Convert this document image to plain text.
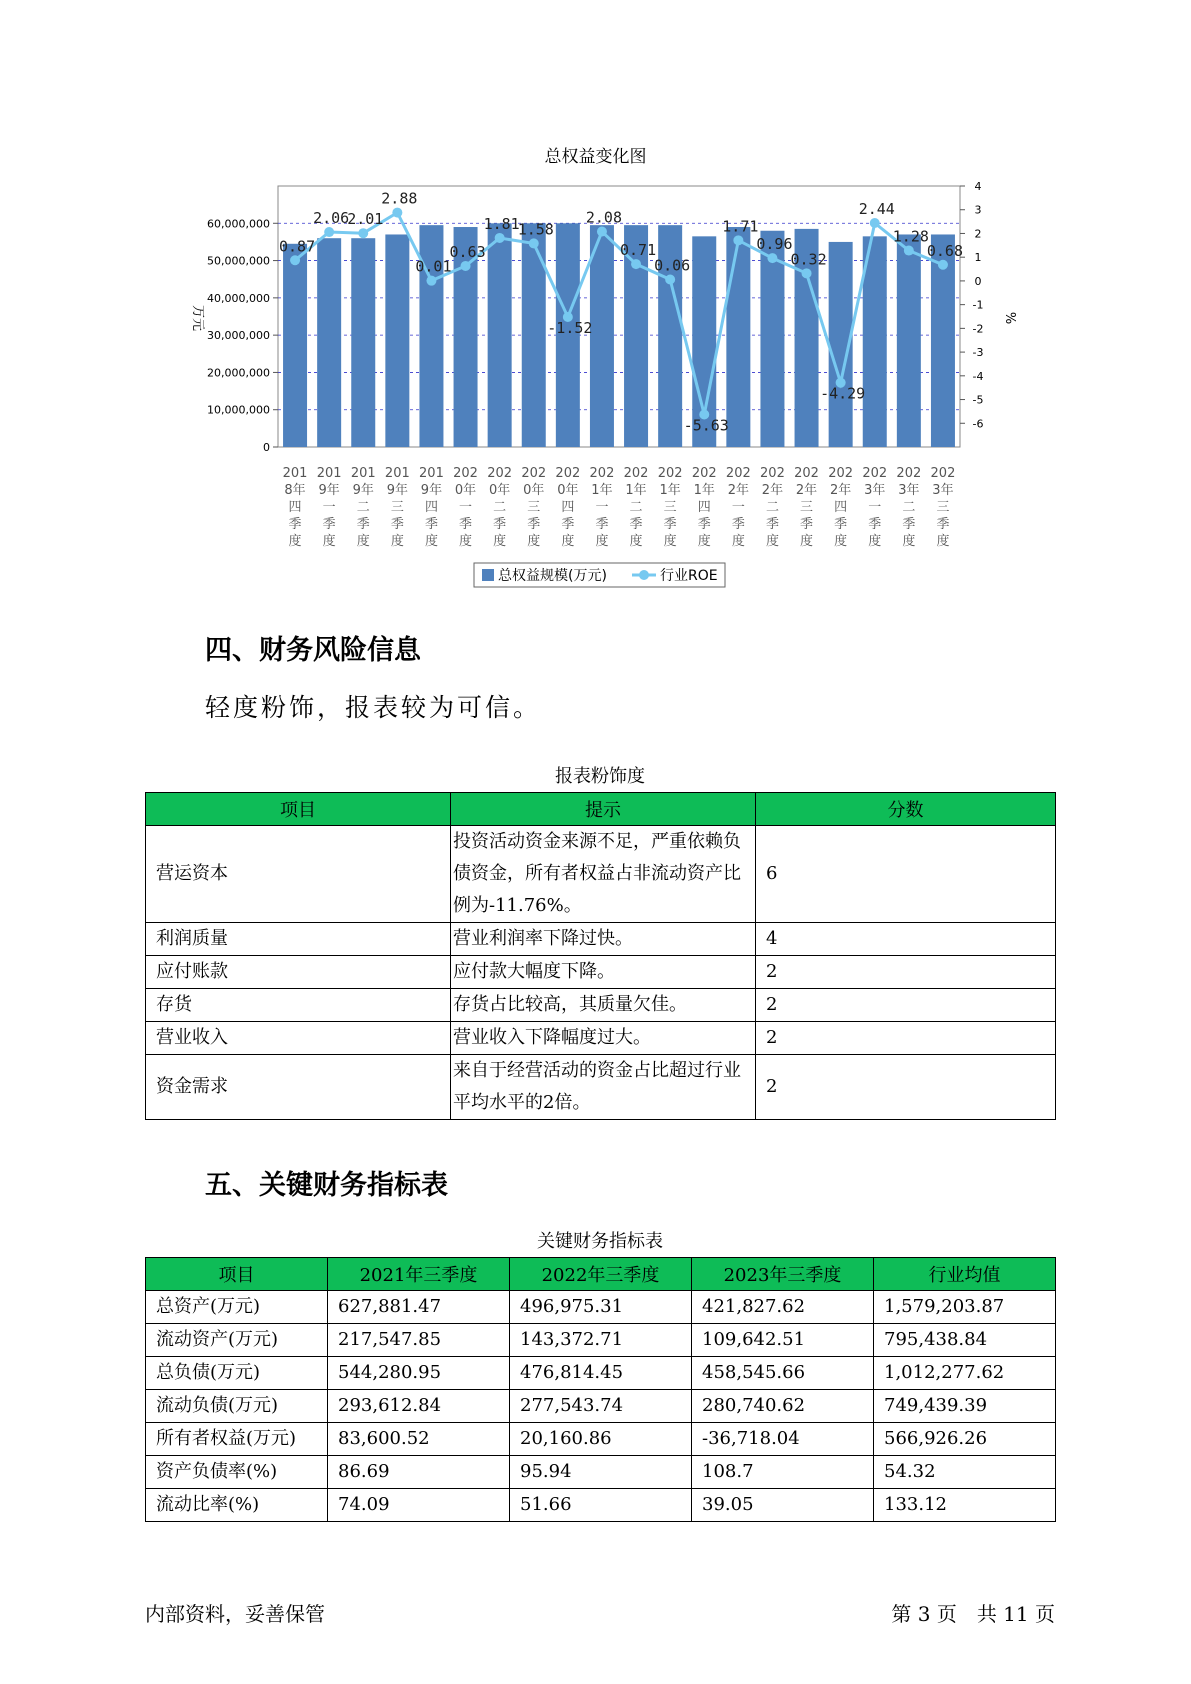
总权益变化图
0
10,000,000
20,000,000
30,000,000
40,000,000
50,000,000
60,000,000
4
3
2
1
0
-1
-2
-3
-4
-5
-6
万元	%
0.87
2.06
2.01
2.88
0.01
0.63
1.81
1.58
-1.52
2.08
0.71
0.06
-5.63
1.71
0.96
0.32
-4.29
2.44
1.28
0.68
201 8年四季度
201 9年一季度
201 9年二季度
201 9年三季度
201 9年四季度
202 0年一季度
202 0年二季度
202 0年三季度
202 0年四季度
202 1年一季度
202 1年二季度
202 1年三季度
202 1年四季度
202 2年一季度
202 2年二季度
202 2年三季度
202 2年四季度
202 3年一季度
202 3年二季度
202 3年三季度
总权益规模(万元)	行业ROE
四、财务风险信息
轻度粉饰，报表较为可信。
报表粉饰度
项目	提示	分数
营运资本	投资活动资金来源不足，严重依赖负债资金，所有者权益占非流动资产比例为-11.76%。	6
利润质量	营业利润率下降过快。	4
应付账款	应付款大幅度下降。	2
存货	存货占比较高，其质量欠佳。	2
营业收入	营业收入下降幅度过大。	2
资金需求	来自于经营活动的资金占比超过行业平均水平的2倍。	2
五、关键财务指标表
关键财务指标表
项目	2021年三季度	2022年三季度	2023年三季度	行业均值
总资产(万元)	627,881.47	496,975.31	421,827.62	1,579,203.87
流动资产(万元)	217,547.85	143,372.71	109,642.51	795,438.84
总负债(万元)	544,280.95	476,814.45	458,545.66	1,012,277.62
流动负债(万元)	293,612.84	277,543.74	280,740.62	749,439.39
所有者权益(万元)	83,600.52	20,160.86	-36,718.04	566,926.26
资产负债率(%)	86.69	95.94	108.7	54.32
流动比率(%)	74.09	51.66	39.05	133.12
内部资料，妥善保管	第 3 页　共 11 页
